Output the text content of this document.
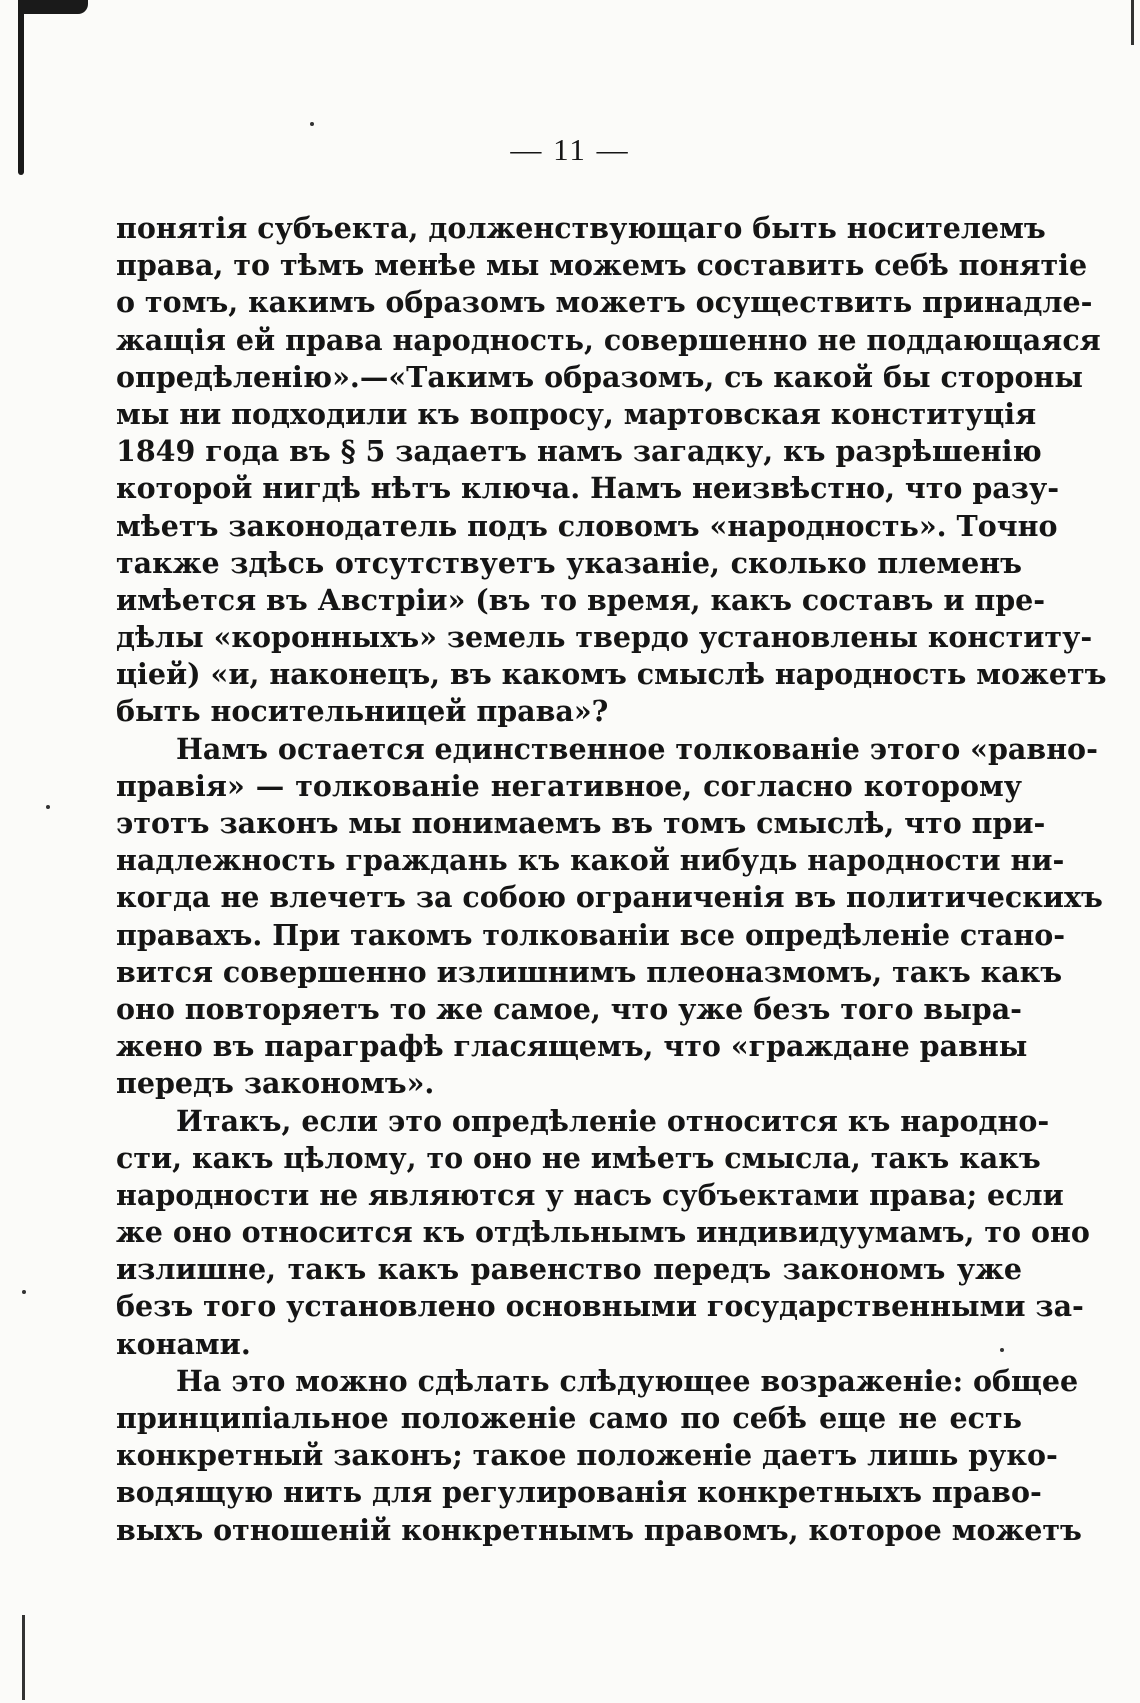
— 11 —
понятія субъекта, долженствующаго быть носителемъ
права, то тѣмъ менѣе мы можемъ составить себѣ понятіе
о томъ, какимъ образомъ можетъ осуществить принадле-
жащія ей права народность, совершенно не поддающаяся
опредѣленію».—«Такимъ образомъ, съ какой бы стороны
мы ни подходили къ вопросу, мартовская конституція
1849 года въ § 5 задаетъ намъ загадку, къ разрѣшенію
которой нигдѣ нѣтъ ключа. Намъ неизвѣстно, что разу-
мѣетъ законодатель подъ словомъ «народность». Точно
также здѣсь отсутствуетъ указаніе, сколько племенъ
имѣется въ Австріи» (въ то время, какъ составъ и пре-
дѣлы «коронныхъ» земель твердо установлены конститу-
ціей) «и, наконецъ, въ какомъ смыслѣ народность можетъ
быть носительницей права»?
Намъ остается единственное толкованіе этого «равно-
правія» — толкованіе негативное, согласно которому
этотъ законъ мы понимаемъ въ томъ смыслѣ, что при-
надлежность граждань къ какой нибудь народности ни-
когда не влечетъ за собою ограниченія въ политическихъ
правахъ. При такомъ толкованіи все опредѣленіе стано-
вится совершенно излишнимъ плеоназмомъ, такъ какъ
оно повторяетъ то же самое, что уже безъ того выра-
жено въ параграфѣ гласящемъ, что «граждане равны
передъ закономъ».
Итакъ, если это опредѣленіе относится къ народно-
сти, какъ цѣлому, то оно не имѣетъ смысла, такъ какъ
народности не являются у насъ субъектами права; если
же оно относится къ отдѣльнымъ индивидуумамъ, то оно
излишне, такъ какъ равенство передъ закономъ уже
безъ того установлено основными государственными за-
конами.
На это можно сдѣлать слѣдующее возраженіе: общее
принципіальное положеніе само по себѣ еще не есть
конкретный законъ; такое положеніе даетъ лишь руко-
водящую нить для регулированія конкретныхъ право-
выхъ отношеній конкретнымъ правомъ, которое можетъ
